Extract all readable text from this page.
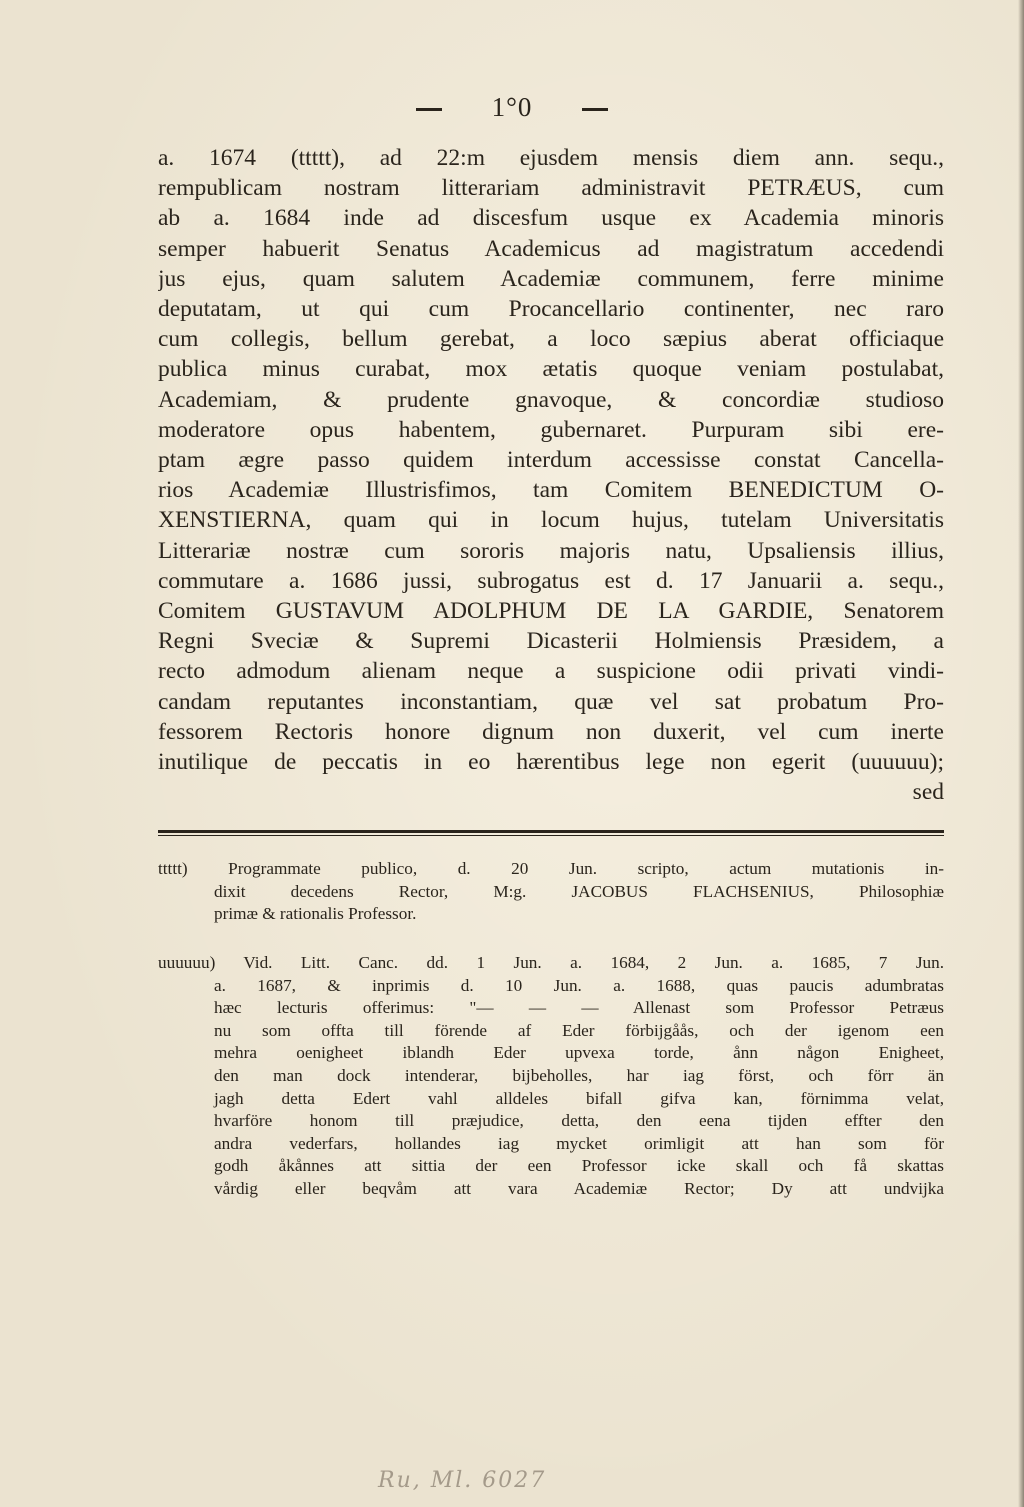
1°0
a. 1674 (ttttt), ad 22:m ejusdem mensis diem ann. sequ.,
rempublicam nostram litterariam administravit PETRÆUS, cum
ab a. 1684 inde ad discesfum usque ex Academia minoris
semper habuerit Senatus Academicus ad magistratum accedendi
jus ejus, quam salutem Academiæ communem, ferre minime
deputatam, ut qui cum Procancellario continenter, nec raro
cum collegis, bellum gerebat, a loco sæpius aberat officiaque
publica minus curabat, mox ætatis quoque veniam postulabat,
Academiam, & prudente gnavoque, & concordiæ studioso
moderatore opus habentem, gubernaret. Purpuram sibi ere-
ptam ægre passo quidem interdum accessisse constat Cancella-
rios Academiæ Illustrisfimos, tam Comitem BENEDICTUM O-
XENSTIERNA, quam qui in locum hujus, tutelam Universitatis
Litterariæ nostræ cum sororis majoris natu, Upsaliensis illius,
commutare a. 1686 jussi, subrogatus est d. 17 Januarii a. sequ.,
Comitem GUSTAVUM ADOLPHUM DE LA GARDIE, Senatorem
Regni Sveciæ & Supremi Dicasterii Holmiensis Præsidem, a
recto admodum alienam neque a suspicione odii privati vindi-
candam reputantes inconstantiam, quæ vel sat probatum Pro-
fessorem Rectoris honore dignum non duxerit, vel cum inerte
inutilique de peccatis in eo hærentibus lege non egerit (uuuuuu);
sed
ttttt) Programmate publico, d. 20 Jun. scripto, actum mutationis in-
dixit decedens Rector, M:g. JACOBUS FLACHSENIUS, Philosophiæ
primæ & rationalis Professor.
uuuuuu) Vid. Litt. Canc. dd. 1 Jun. a. 1684, 2 Jun. a. 1685, 7 Jun.
a. 1687, & inprimis d. 10 Jun. a. 1688, quas paucis adumbratas
hæc lecturis offerimus: "— — — Allenast som Professor Petræus
nu som offta till förende af Eder förbijgåås, och der igenom een
mehra oenigheet iblandh Eder upvexa torde, ånn någon Enigheet,
den man dock intenderar, bijbeholles, har iag först, och förr än
jagh detta Edert vahl alldeles bifall gifva kan, förnimma velat,
hvarföre honom till præjudice, detta, den eena tijden effter den
andra vederfars, hollandes iag mycket orimligit att han som för
godh åkånnes att sittia der een Professor icke skall och få skattas
vårdig eller beqvåm att vara Academiæ Rector; Dy att undvijka
Ru, Ml. 6027
